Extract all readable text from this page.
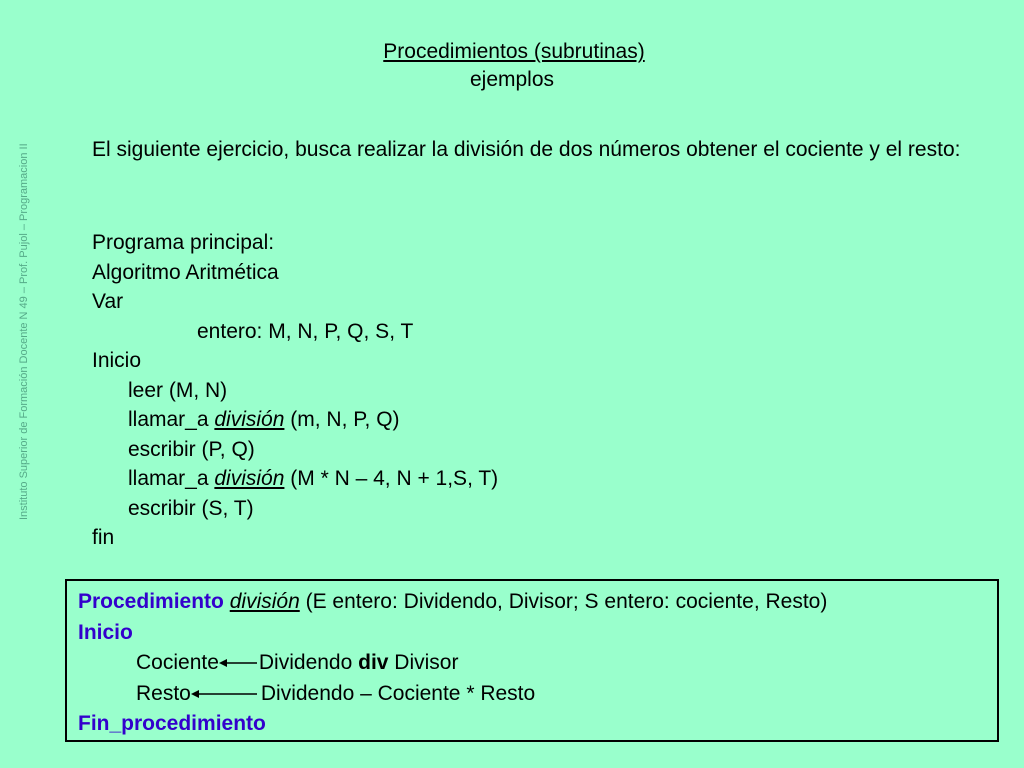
Instituto Superior de Formación Docente N 49 – Prof. Pujol – Programacion II
Procedimientos (subrutinas)
ejemplos
El siguiente ejercicio, busca realizar la división de dos números obtener el cociente y el resto:
Programa principal:
Algoritmo Aritmética
Var
entero: M, N, P, Q, S, T
Inicio
leer (M, N)
llamar_a división (m, N, P, Q)
escribir (P, Q)
llamar_a división (M * N – 4, N + 1,S, T)
escribir (S, T)
fin
Procedimiento división (E entero: Dividendo, Divisor; S entero: cociente, Resto)
Inicio
Cociente Dividendo div Divisor
Resto	Dividendo – Cociente * Resto
Fin_procedimiento
